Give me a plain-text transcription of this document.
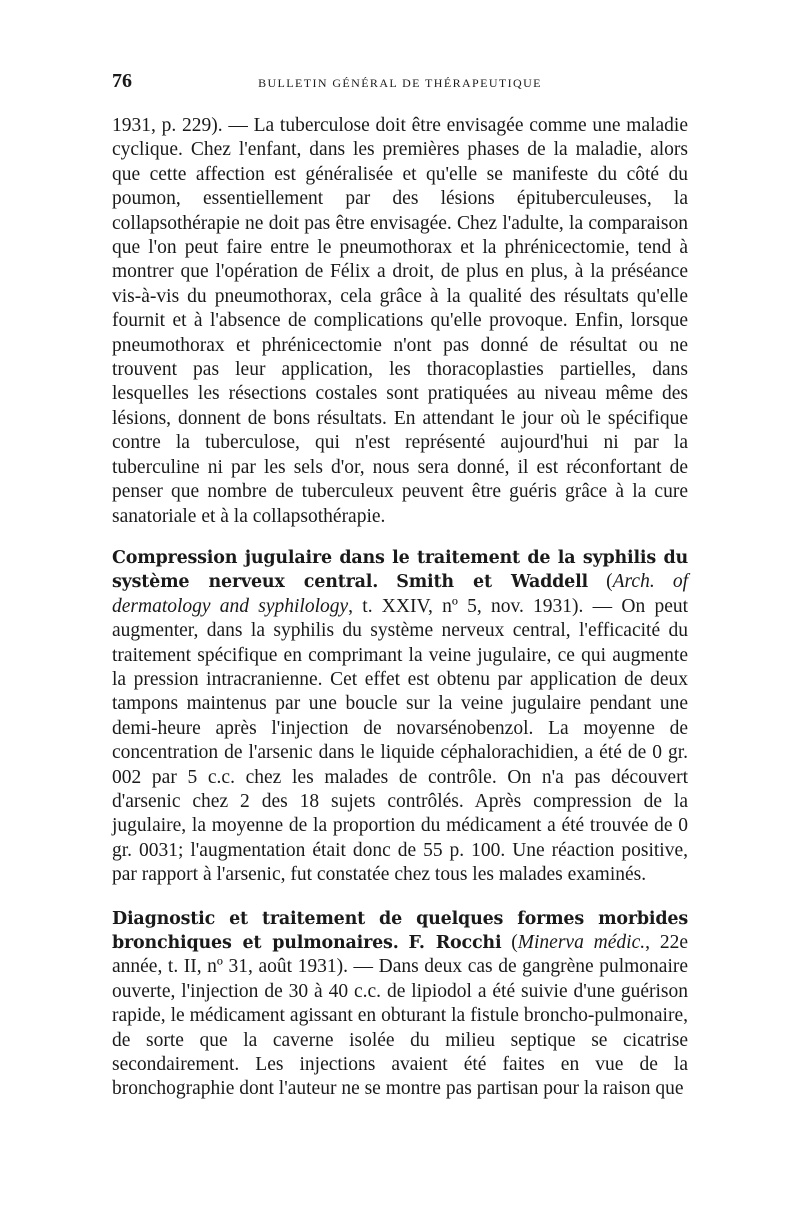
76	BULLETIN GÉNÉRAL DE THÉRAPEUTIQUE

1931, p. 229). — La tuberculose doit être envisagée comme une maladie cyclique. Chez l'enfant, dans les premières phases de la maladie, alors que cette affection est généralisée et qu'elle se manifeste du côté du poumon, essentiellement par des lésions épituberculeuses, la collapsothérapie ne doit pas être envisagée. Chez l'adulte, la comparaison que l'on peut faire entre le pneumothorax et la phrénicectomie, tend à montrer que l'opération de Félix a droit, de plus en plus, à la préséance vis-à-vis du pneumothorax, cela grâce à la qualité des résultats qu'elle fournit et à l'absence de complications qu'elle provoque. Enfin, lorsque pneumothorax et phrénicectomie n'ont pas donné de résultat ou ne trouvent pas leur application, les thoracoplasties partielles, dans lesquelles les résections costales sont pratiquées au niveau même des lésions, donnent de bons résultats. En attendant le jour où le spécifique contre la tuberculose, qui n'est représenté aujourd'hui ni par la tuberculine ni par les sels d'or, nous sera donné, il est réconfortant de penser que nombre de tuberculeux peuvent être guéris grâce à la cure sanatoriale et à la collapsothérapie.

Compression jugulaire dans le traitement de la syphilis du système nerveux central. Smith et Waddell (Arch. of dermatology and syphilology, t. XXIV, nº 5, nov. 1931). — On peut augmenter, dans la syphilis du système nerveux central, l'efficacité du traitement spécifique en comprimant la veine jugulaire, ce qui augmente la pression intracranienne. Cet effet est obtenu par application de deux tampons maintenus par une boucle sur la veine jugulaire pendant une demi-heure après l'injection de novarsénobenzol. La moyenne de concentration de l'arsenic dans le liquide céphalorachidien, a été de 0 gr. 002 par 5 c.c. chez les malades de contrôle. On n'a pas découvert d'arsenic chez 2 des 18 sujets contrôlés. Après compression de la jugulaire, la moyenne de la proportion du médicament a été trouvée de 0 gr. 0031; l'augmentation était donc de 55 p. 100. Une réaction positive, par rapport à l'arsenic, fut constatée chez tous les malades examinés.

Diagnostic et traitement de quelques formes morbides bronchiques et pulmonaires. F. Rocchi (Minerva médic., 22e année, t. II, nº 31, août 1931). — Dans deux cas de gangrène pulmonaire ouverte, l'injection de 30 à 40 c.c. de lipiodol a été suivie d'une guérison rapide, le médicament agissant en obturant la fistule broncho-pulmonaire, de sorte que la caverne isolée du milieu septique se cicatrise secondairement. Les injections avaient été faites en vue de la bronchographie dont l'auteur ne se montre pas partisan pour la raison que
